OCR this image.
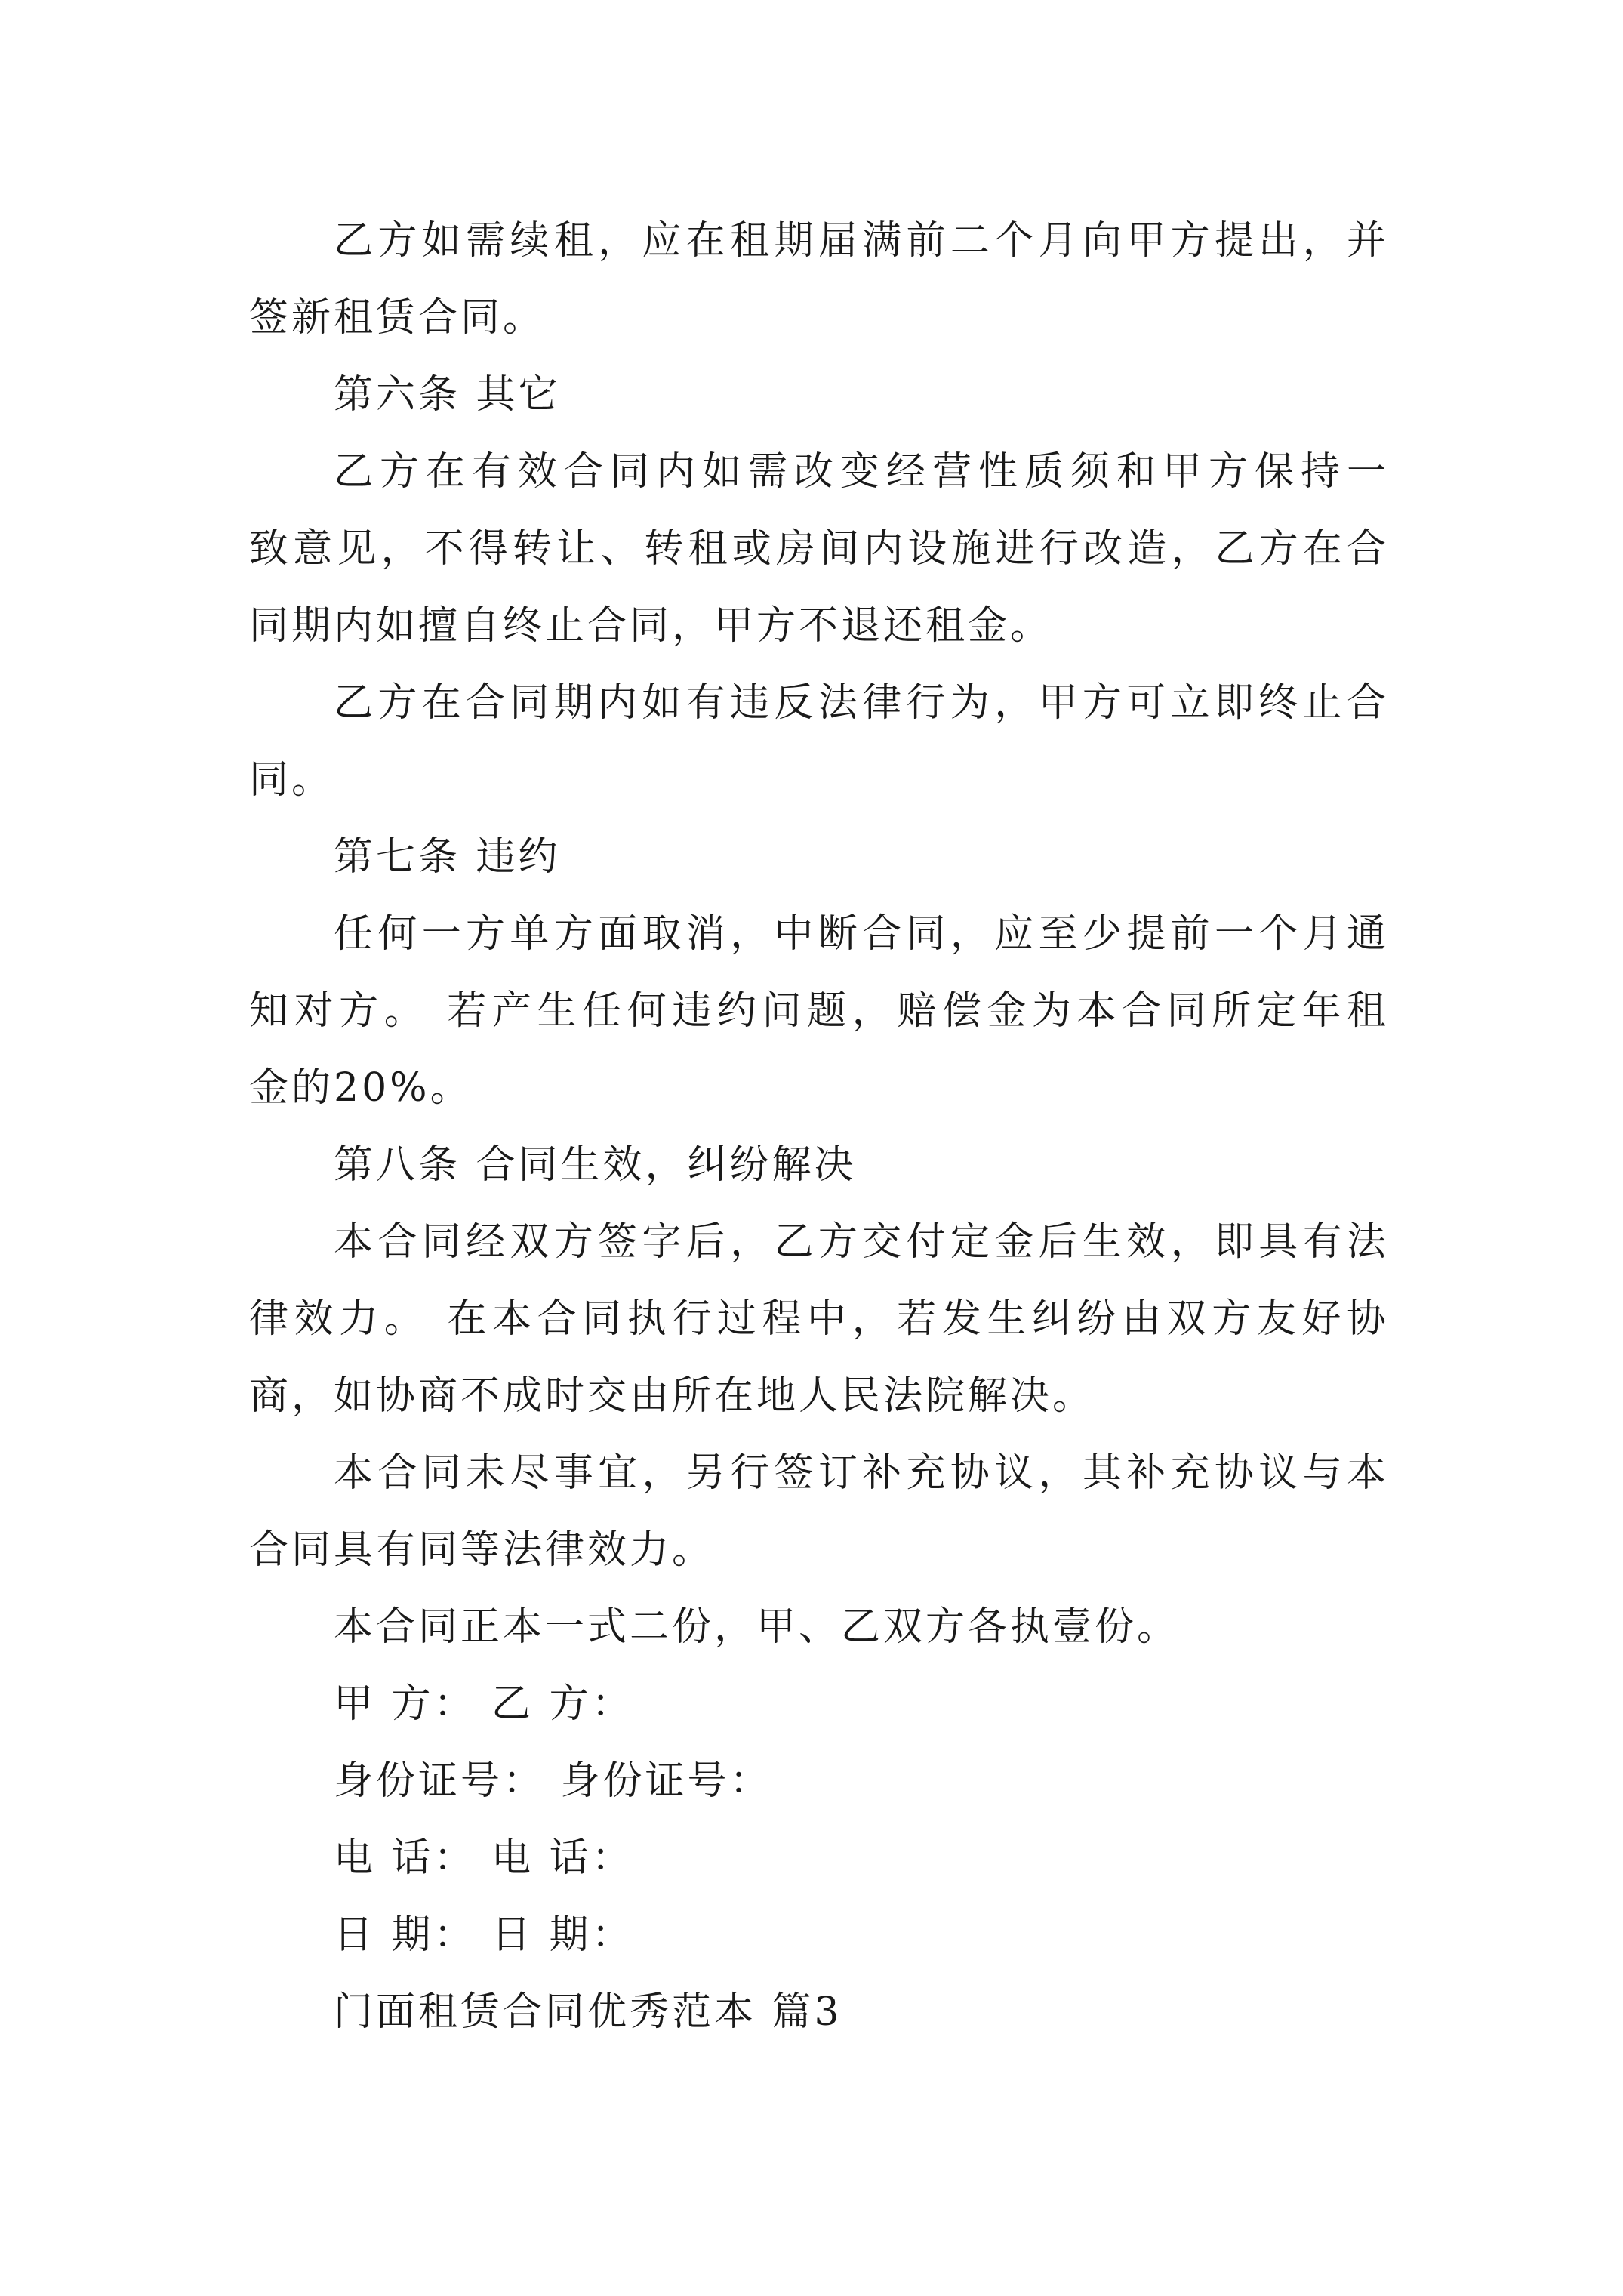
乙方如需续租，应在租期届满前二个月向甲方提出，并
签新租赁合同。
第六条 其它
乙方在有效合同内如需改变经营性质须和甲方保持一
致意见，不得转让、转租或房间内设施进行改造，乙方在合
同期内如擅自终止合同，甲方不退还租金。
乙方在合同期内如有违反法律行为，甲方可立即终止合
同。
第七条 违约
任何一方单方面取消，中断合同，应至少提前一个月通
知对方。 若产生任何违约问题，赔偿金为本合同所定年租
金的20%。
第八条 合同生效，纠纷解决
本合同经双方签字后，乙方交付定金后生效，即具有法
律效力。 在本合同执行过程中，若发生纠纷由双方友好协
商，如协商不成时交由所在地人民法院解决。
本合同未尽事宜，另行签订补充协议，其补充协议与本
合同具有同等法律效力。
本合同正本一式二份，甲、乙双方各执壹份。
甲 方： 乙 方：
身份证号： 身份证号：
电 话： 电 话：
日 期： 日 期：
门面租赁合同优秀范本 篇3
